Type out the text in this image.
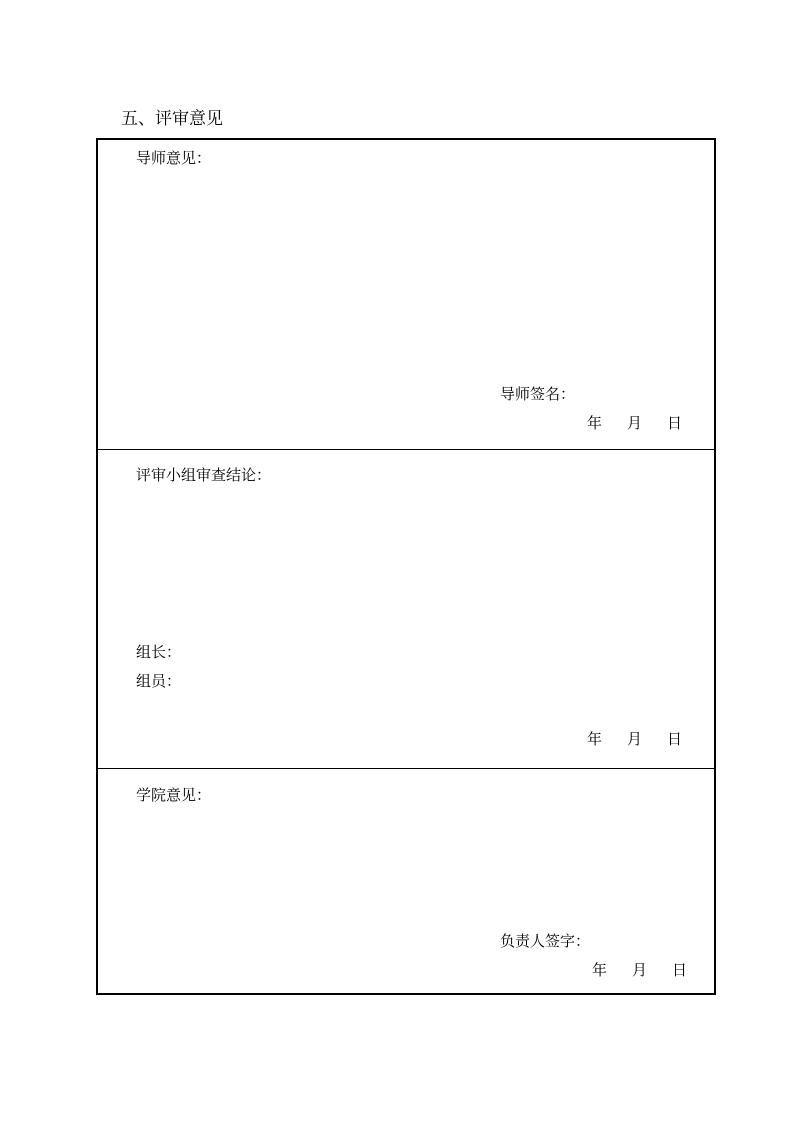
五、评审意见
导师意见：
导师签名：
年 月 日
评审小组审查结论：
组长：
组员：
年 月 日
学院意见：
负责人签字：
年 月 日
